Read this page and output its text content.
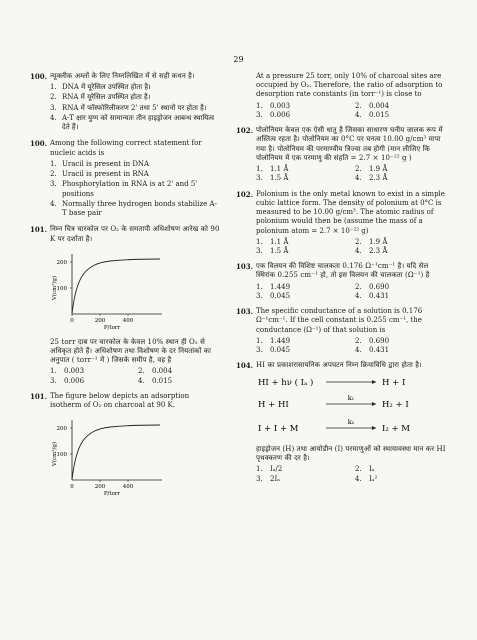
29
100. न्यूक्लीक अम्लों के लिए निम्नलिखित में से सही कथन है।

1. DNA में यूरेसिल उपस्थित होता है।
2. RNA में यूरेसिल उपस्थित होता है।
3. RNA में फॉस्फोरिलीकरण 2' तथा 5' स्थानों पर होता है।
4. A-T क्षार युग्म को सामान्यतः तीन हाइड्रोजन आबन्ध स्थायित्व देते हैं।
100. Among the following correct statement for nucleic acids is

1. Uracil is present in DNA
2. Uracil is present in RNA
3. Phosphorylation in RNA is at 2' and 5' positions
4. Normally three hydrogen bonds stabilize A-T base pair
101. निम्न चित्र चारकोल पर O₂ के समतापी अधिशोषण आरेख को 90 K पर दर्शाता है।

200
100
0	200	400
P/torr
V(cm³/g)

25 torr दाब पर चारकोल के केवल 10% स्थान ही O₂ से अधिकृत होते हैं। अधिशोषण तथा विशोषण के दर नियतांकों का अनुपात ( torr⁻¹ में ) जिसके समीप है, वह है

1.	0.003	2.	0.004
3.	0.006	4.	0.015
101. The figure below depicts an adsorption isotherm of O₂ on charcoal at 90 K.

200
100
0	200	400
P/torr
V(cm³/g)

At a pressure 25 torr, only 10% of charcoal sites are occupied by O₂. Therefore, the ratio of adsorption to desorption rate constants (in torr⁻¹) is close to

1.	0.003	2.	0.004
3.	0.006	4.	0.015
102. पोलोनियम केवल एक ऐसी धातु है जिसका साधारण घनीय जालक रूप में अस्तित्व रहता है। पोलोनियम का 0°C पर घनत्व 10.00 g/cm³ मापा गया है। पोलोनियम की परमाण्वीय त्रिज्या तब होगी (मान लीजिए कि पोलोनियम में एक परमाणु की संहति = 2.7 × 10⁻²² g )

1.	1.1 Å	2.	1.9 Å
3.	1.5 Å	4.	2.3 Å
102. Polonium is the only metal known to exist in a simple cubic lattice form. The density of polonium at 0°C is measured to be 10.00 g/cm³. The atomic radius of polonium would then be (assume the mass of a polonium atom = 2.7 × 10⁻²² g)

1.	1.1 Å	2.	1.9 Å
3.	1.5 Å	4.	2.3 Å
103. एक विलयन की विशिष्ट चालकता 0.176 Ω⁻¹cm⁻¹ है। यदि सेल स्थिरांक 0.255 cm⁻¹ हो, तो इस विलयन की चालकता (Ω⁻¹) है

1.	1.449	2.	0.690
3.	0.045	4.	0.431
103. The specific conductance of a solution is 0.176 Ω⁻¹cm⁻¹. If the cell constant is 0.255 cm⁻¹, the conductance (Ω⁻¹) of that solution is

1.	1.449	2.	0.690
3.	0.045	4.	0.431
104. HI का प्रकाशरासायनिक अपघटन निम्न क्रियाविधि द्वारा होता है।

HI + hν ( Iₐ )	H + I
H + HI
k₁
H₂ + I
I + I + M
k₂
I₂ + M

हाइड्रोजन (H) तथा आयोडीन (I) परमाणुओं को स्थायावस्था मान कर HI पृथक्करण की दर है।

1.	Iₐ/2	2.	Iₐ
3.	2Iₐ	4.	Iₐ²
